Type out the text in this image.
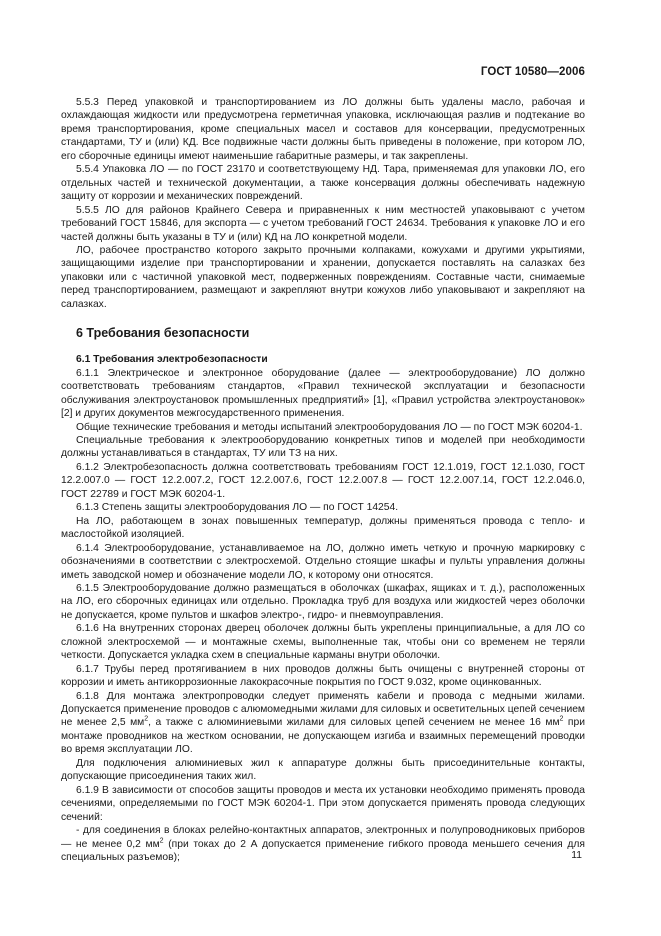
ГОСТ 10580—2006

5.5.3 Перед упаковкой и транспортированием из ЛО должны быть удалены масло, рабочая и охлаждающая жидкости или предусмотрена герметичная упаковка, исключающая разлив и подтекание во время транспортирования, кроме специальных масел и составов для консервации, предусмотренных стандартами, ТУ и (или) КД. Все подвижные части должны быть приведены в положение, при котором ЛО, его сборочные единицы имеют наименьшие габаритные размеры, и так закреплены.

5.5.4 Упаковка ЛО — по ГОСТ 23170 и соответствующему НД. Тара, применяемая для упаковки ЛО, его отдельных частей и технической документации, а также консервация должны обеспечивать надежную защиту от коррозии и механических повреждений.

5.5.5 ЛО для районов Крайнего Севера и приравненных к ним местностей упаковывают с учетом требований ГОСТ 15846, для экспорта — с учетом требований ГОСТ 24634. Требования к упаковке ЛО и его частей должны быть указаны в ТУ и (или) КД на ЛО конкретной модели.

ЛО, рабочее пространство которого закрыто прочными колпаками, кожухами и другими укрытиями, защищающими изделие при транспортировании и хранении, допускается поставлять на салазках без упаковки или с частичной упаковкой мест, подверженных повреждениям. Составные части, снимаемые перед транспортированием, размещают и закрепляют внутри кожухов либо упаковывают и закрепляют на салазках.

6 Требования безопасности
6.1 Требования электробезопасности

6.1.1 Электрическое и электронное оборудование (далее — электрооборудование) ЛО должно соответствовать требованиям стандартов, «Правил технической эксплуатации и безопасности обслуживания электроустановок промышленных предприятий» [1], «Правил устройства электроустановок» [2] и других документов межгосударственного применения.

Общие технические требования и методы испытаний электрооборудования ЛО — по ГОСТ МЭК 60204-1.

Специальные требования к электрооборудованию конкретных типов и моделей при необходимости должны устанавливаться в стандартах, ТУ или ТЗ на них.

6.1.2 Электробезопасность должна соответствовать требованиям ГОСТ 12.1.019, ГОСТ 12.1.030, ГОСТ 12.2.007.0 — ГОСТ 12.2.007.2, ГОСТ 12.2.007.6, ГОСТ 12.2.007.8 — ГОСТ 12.2.007.14, ГОСТ 12.2.046.0, ГОСТ 22789 и ГОСТ МЭК 60204-1.

6.1.3 Степень защиты электрооборудования ЛО — по ГОСТ 14254.

На ЛО, работающем в зонах повышенных температур, должны применяться провода с тепло- и маслостойкой изоляцией.

6.1.4 Электрооборудование, устанавливаемое на ЛО, должно иметь четкую и прочную маркировку с обозначениями в соответствии с электросхемой. Отдельно стоящие шкафы и пульты управления должны иметь заводской номер и обозначение модели ЛО, к которому они относятся.

6.1.5 Электрооборудование должно размещаться в оболочках (шкафах, ящиках и т. д.), расположенных на ЛО, его сборочных единицах или отдельно. Прокладка труб для воздуха или жидкостей через оболочки не допускается, кроме пультов и шкафов электро-, гидро- и пневмоуправления.

6.1.6 На внутренних сторонах дверец оболочек должны быть укреплены принципиальные, а для ЛО со сложной электросхемой — и монтажные схемы, выполненные так, чтобы они со временем не теряли четкости. Допускается укладка схем в специальные карманы внутри оболочки.

6.1.7 Трубы перед протягиванием в них проводов должны быть очищены с внутренней стороны от коррозии и иметь антикоррозионные лакокрасочные покрытия по ГОСТ 9.032, кроме оцинкованных.

6.1.8 Для монтажа электропроводки следует применять кабели и провода с медными жилами. Допускается применение проводов с алюмомедными жилами для силовых и осветительных цепей сечением не менее 2,5 $мм^2$, а также с алюминиевыми жилами для силовых цепей сечением не менее 16 $мм^2$ при монтаже проводников на жестком основании, не допускающем изгиба и взаимных перемещений проводки во время эксплуатации ЛО.

Для подключения алюминиевых жил к аппаратуре должны быть присоединительные контакты, допускающие присоединения таких жил.

6.1.9 В зависимости от способов защиты проводов и места их установки необходимо применять провода сечениями, определяемыми по ГОСТ МЭК 60204-1. При этом допускается применять провода следующих сечений:

- для соединения в блоках релейно-контактных аппаратов, электронных и полупроводниковых приборов — не менее 0,2 $мм^2$ (при токах до 2 А допускается применение гибкого провода меньшего сечения для специальных разъемов);	11
